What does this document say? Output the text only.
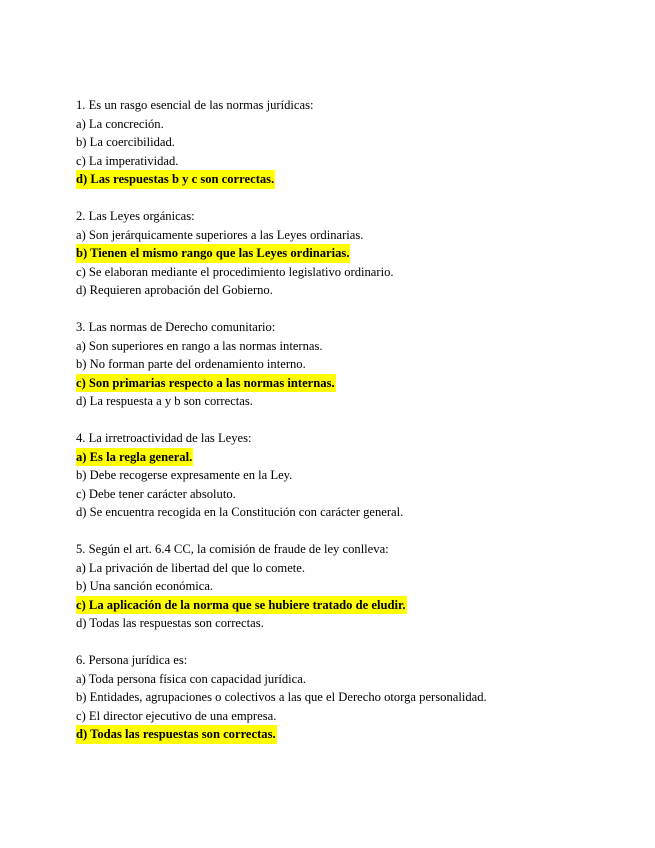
1. Es un rasgo esencial de las normas jurídicas:
a) La concreción.
b) La coercibilidad.
c) La imperatividad.
d) Las respuestas b y c son correctas.
2. Las Leyes orgánicas:
a) Son jerárquicamente superiores a las Leyes ordinarias.
b) Tienen el mismo rango que las Leyes ordinarias.
c) Se elaboran mediante el procedimiento legislativo ordinario.
d) Requieren aprobación del Gobierno.
3. Las normas de Derecho comunitario:
a) Son superiores en rango a las normas internas.
b) No forman parte del ordenamiento interno.
c) Son primarias respecto a las normas internas.
d) La respuesta a y b son correctas.
4. La irretroactividad de las Leyes:
a) Es la regla general.
b) Debe recogerse expresamente en la Ley.
c) Debe tener carácter absoluto.
d) Se encuentra recogida en la Constitución con carácter general.
5. Según el art. 6.4 CC, la comisión de fraude de ley conlleva:
a) La privación de libertad del que lo comete.
b) Una sanción económica.
c) La aplicación de la norma que se hubiere tratado de eludir.
d) Todas las respuestas son correctas.
6. Persona jurídica es:
a) Toda persona física con capacidad jurídica.
b) Entidades, agrupaciones o colectivos a las que el Derecho otorga personalidad.
c) El director ejecutivo de una empresa.
d) Todas las respuestas son correctas.
